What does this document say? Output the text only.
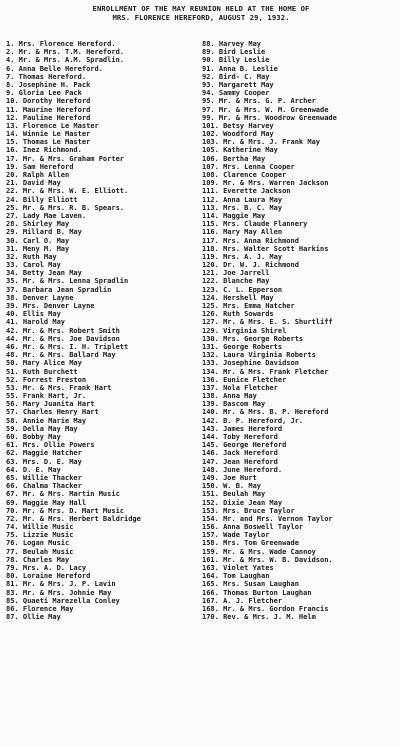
ENROLLMENT OF THE MAY REUNION HELD AT THE HOME OF
MRS. FLORENCE HEREFORD, AUGUST 29, 1932.
1. Mrs. Florence Hereford.
2. Mr. & Mrs. T.M. Hereford.
4. Mr. & Mrs. A.M. Spradlin.
6. Anna Belle Hereford.
7. Thomas Hereford.
8. Josephine H. Pack
9. Gloria Lee Pack
10. Dorothy Hereford
11. Maurine Hereford
12. Pauline Hereford
13. Florence Le Master
14. Winnie Le Master
15. Thomas Le Master
16. Inez Richmond.
17. Mr. & Mrs. Graham Porter
19. Sam Hereford
20. Ralph Allen
21. David May
22. Mr. & Mrs. W. E. Elliott.
24. Billy Elliott
25. Mr. & Mrs. R. B. Spears.
27. Lady Mae Laven.
28. Shirley May
29. Millard B. May
30. Carl O. May
31. Meny M. May
32. Ruth May
33. Carol May
34. Betty Jean May
35. Mr. & Mrs. Lenna Spradlin
37. Barbara Jean Spradlin
38. Denver Layne
39. Mrs. Denver Layne
40. Ellis May
41. Harold May
42. Mr. & Mrs. Robert Smith
44. Mr. & Mrs. Joe Davidson
46. Mr. & Mrs. I. H. Triplett
48. Mr. & Mrs. Ballard May
50. Mary Alice May
51. Ruth Burchett
52. Forrest Preston
53. Mr. & Mrs. Frank Hart
55. Frank Hart, Jr.
56. Mary Juanita Hart
57. Charles Henry Hart
58. Annie Marie May
59. Della May May
60. Bobby May
61. Mrs. Ollie Powers
62. Maggie Hatcher
63. Mrs. D. E. May
64. D. E. May
65. Willie Thacker
66. Chalma Thacker
67. Mr. & Mrs. Martin Music
69. Maggie May Hall
70. Mr. & Mrs. D. Mart Music
72. Mr. & Mrs. Herbert Baldridge
74. Willie Music
75. Lizzie Music
76. Logan Music
77. Beulah Music
78. Charles May
79. Mrs. A. D. Lacy
80. Loraine Hereford
81. Mr. & Mrs. J. P. Lavin
83. Mr. & Mrs. Johnie May
85. Quaeti Marezella Conley
86. Florence May
87. Ollie May
88. Harvey May
89. Bird Leslie
90. Billy Leslie
91. Anna B. Leslie
92. Bird- C. May
93. Margarett May
94. Sammy Cooper
95. Mr. & Mrs. G. P. Archer
97. Mr. & Mrs. W. M. Greenwade
99. Mr. & Mrs. Woodrow Greenwade
101. Betsy Harvey
102. Woodford May
103. Mr. & Mrs. J. Frank May
105. Katherine May
106. Bertha May
107. Mrs. Lenna Cooper
108. Clarence Cooper
109. Mr. & Mrs. Warren Jackson
111. Everette Jackson
112. Anna Laura May
113. Mrs. B. C. May
114. Maggie May
115. Mrs. Claude Flannery
116. Mary May Allen
117. Mrs. Anna Richmond
118. Mrs. Walter Scott Harkins
119. Mrs. A. J. May
120. Dr. W. J. Richmond
121. Joe Jarrell
122. Blanche May
123. C. L. Epperson
124. Hershell May
125. Mrs. Emma Hatcher
126. Ruth Sowards
127. Mr. & Mrs. E. S. Shurtliff
129. Virginia Shirel
130. Mrs. George Roberts
131. George Roberts
132. Laura Virginia Roberts
133. Josephine Davidson
134. Mr. & Mrs. Frank Fletcher
136. Eunice Fletcher
137. Nola Fletcher
138. Anna May
139. Bascom May
140. Mr. & Mrs. B. P. Hereford
142. B. P. Hereford, Jr.
143. James Hereford
144. Toby Hereford
145. George Hereford
146. Jack Hereford
147. Jean Hereford
148. June Hereford.
149. Joe Hurt
150. W. B. May
151. Beulah May
152. Dixie Jean May
153. Mrs. Bruce Taylor
154. Mr. and Mrs. Vernon Taylor
156. Anna Boswell Taylor
157. Wade Taylor
158. Mrs. Tom Greenwade
159. Mr. & Mrs. Wade Cannoy
161. Mr. & Mrs. W. B. Davidson.
163. Violet Yates
164. Tom Laughan
165. Mrs. Susan Laughan
166. Thomas Burton Laughan
167. A. J. Fletcher
168. Mr. & Mrs. Gordon Francis
170. Rev. & Mrs. J. M. Helm
